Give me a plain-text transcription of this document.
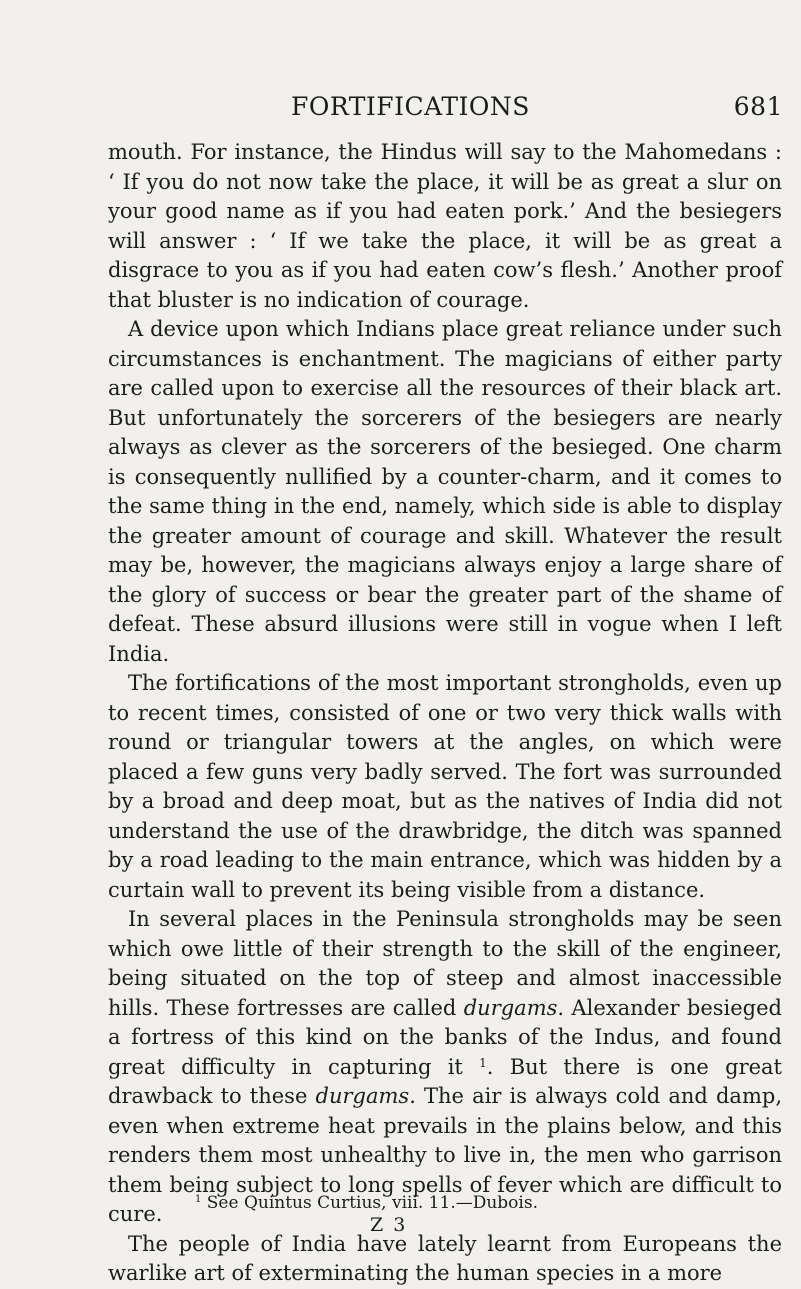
FORTIFICATIONS	681

mouth. For instance, the Hindus will say to the Mahomedans : ‘ If you do not now take the place, it will be as great a slur on your good name as if you had eaten pork.’ And the besiegers will answer : ‘ If we take the place, it will be as great a disgrace to you as if you had eaten cow’s flesh.’ Another proof that bluster is no indication of courage.

A device upon which Indians place great reliance under such circumstances is enchantment. The magicians of either party are called upon to exercise all the resources of their black art. But unfortunately the sorcerers of the besiegers are nearly always as clever as the sorcerers of the besieged. One charm is consequently nullified by a counter-charm, and it comes to the same thing in the end, namely, which side is able to display the greater amount of courage and skill. Whatever the result may be, however, the magicians always enjoy a large share of the glory of success or bear the greater part of the shame of defeat. These absurd illusions were still in vogue when I left India.

The fortifications of the most important strongholds, even up to recent times, consisted of one or two very thick walls with round or triangular towers at the angles, on which were placed a few guns very badly served. The fort was surrounded by a broad and deep moat, but as the natives of India did not understand the use of the drawbridge, the ditch was spanned by a road leading to the main entrance, which was hidden by a curtain wall to prevent its being visible from a distance.

In several places in the Peninsula strongholds may be seen which owe little of their strength to the skill of the engineer, being situated on the top of steep and almost inaccessible hills. These fortresses are called durgams. Alexander besieged a fortress of this kind on the banks of the Indus, and found great difficulty in capturing it $^1$. But there is one great drawback to these durgams. The air is always cold and damp, even when extreme heat prevails in the plains below, and this renders them most unhealthy to live in, the men who garrison them being subject to long spells of fever which are difficult to cure.

The people of India have lately learnt from Europeans the warlike art of exterminating the human species in a more

$^1$ See Quintus Curtius, viii. 11.—Dubois.
Z 3
